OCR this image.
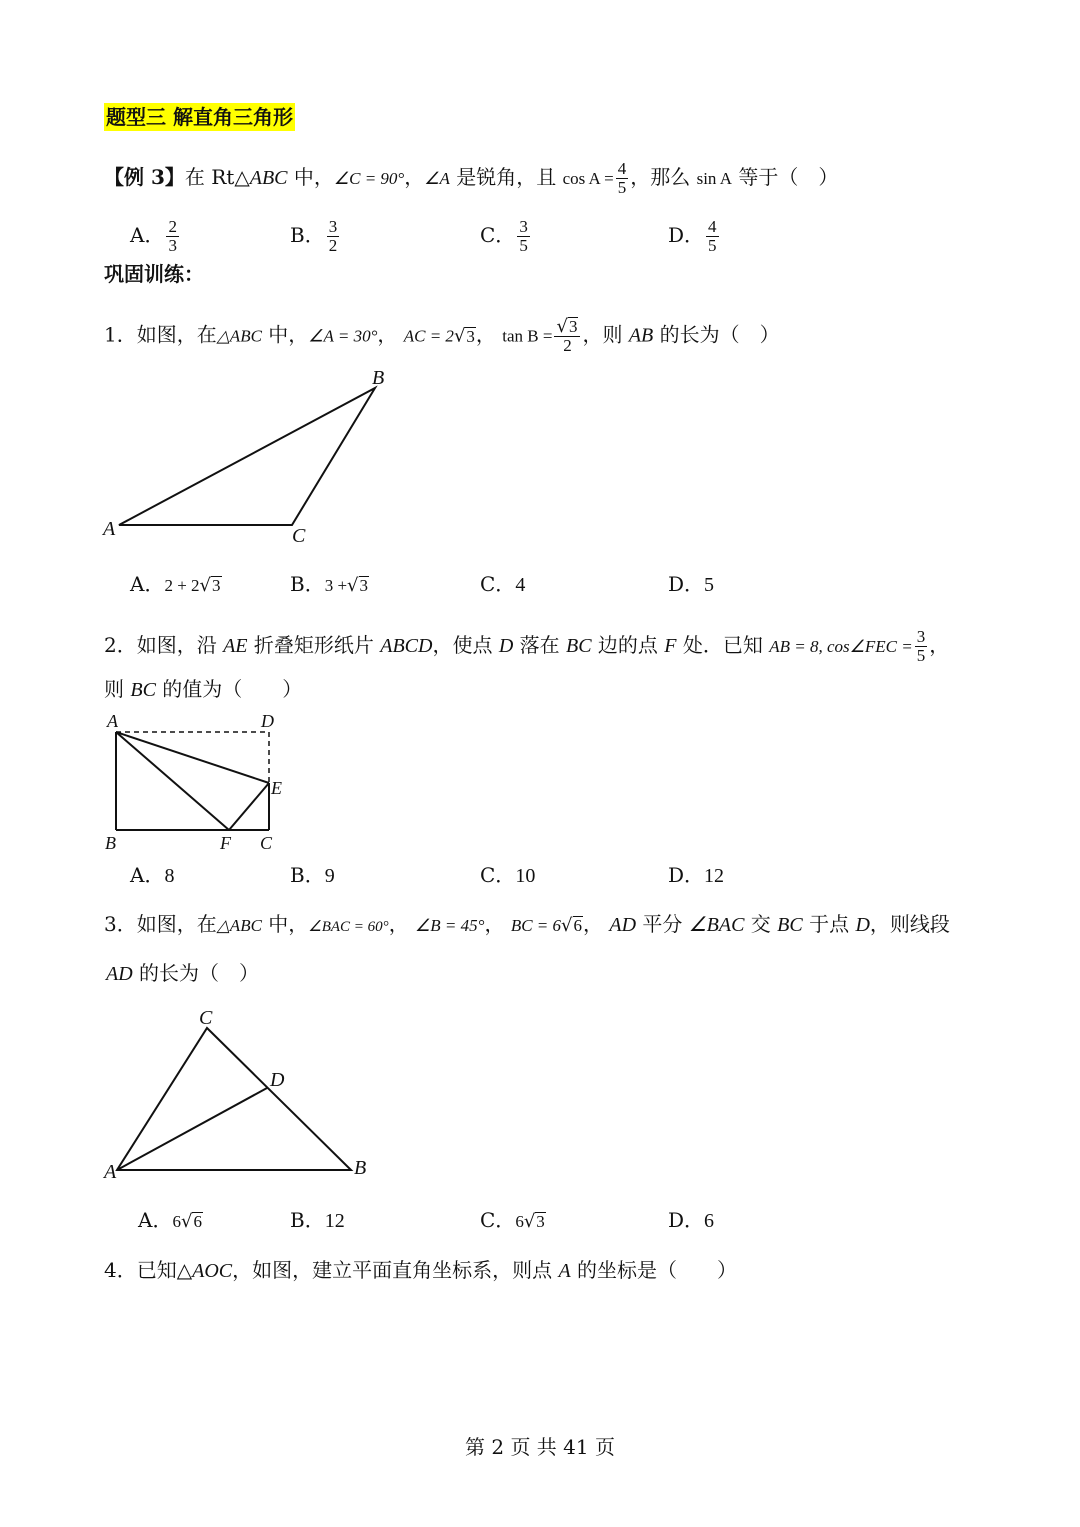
题型三 解直角三角形
【例 3】在 Rt△ABC 中，∠C = 90°，∠A 是锐角，且 $\cos A = \frac{4}{5}$ ，那么 sin A 等于（　）
A． $\frac{2}{3}$	B． $\frac{3}{2}$	C． $\frac{3}{5}$	D． $\frac{4}{5}$
巩固训练：
1．如图，在△ABC 中，∠A = 30°， AC = 2√3， $\tan B = \frac{√3}{2}$ ，则 AB 的长为（　）
A
B
C
A．2 + 2√3	B．3 +√3	C．4	D．5
2．如图，沿 AE 折叠矩形纸片 ABCD，使点 D 落在 BC 边的点 F 处．已知 AB = 8, cos∠FEC = $\frac{3}{5}$ ，
则 BC 的值为（　　）
A	D
E
B	F C
A．8	B．9	C．10	D．12
3．如图，在△ABC 中，∠BAC = 60°， ∠B = 45°， BC = 6√6， AD 平分 ∠BAC 交 BC 于点 D，则线段
AD 的长为（　）
C
D
A	B
A．6√6	B．12	C．6√3	D．6
4．已知△AOC，如图，建立平面直角坐标系，则点 A 的坐标是（　　）
第 2 页 共 41 页
